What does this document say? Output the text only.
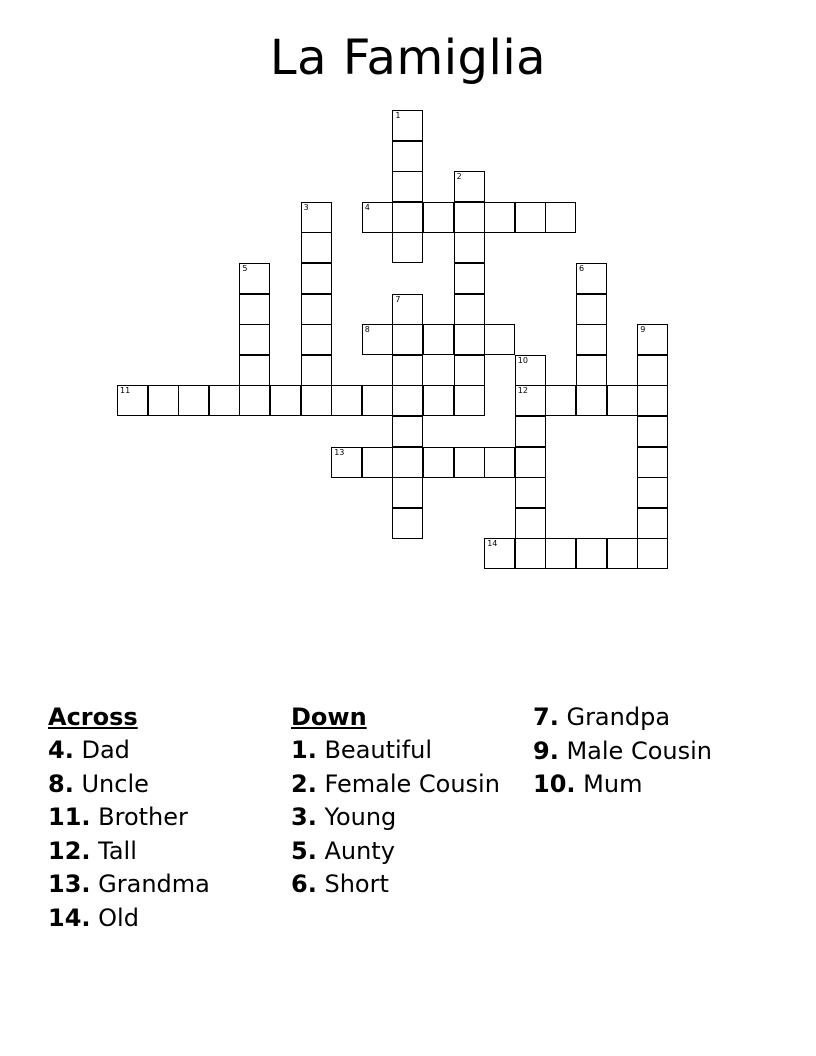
La Famiglia
1
2
3	4
5	6
7
8	9
10
12
11
13
14
Across
4. Dad
8. Uncle
11. Brother
12. Tall
13. Grandma
14. Old
Down
1. Beautiful
2. Female Cousin
3. Young
5. Aunty
6. Short
7. Grandpa
9. Male Cousin
10. Mum
